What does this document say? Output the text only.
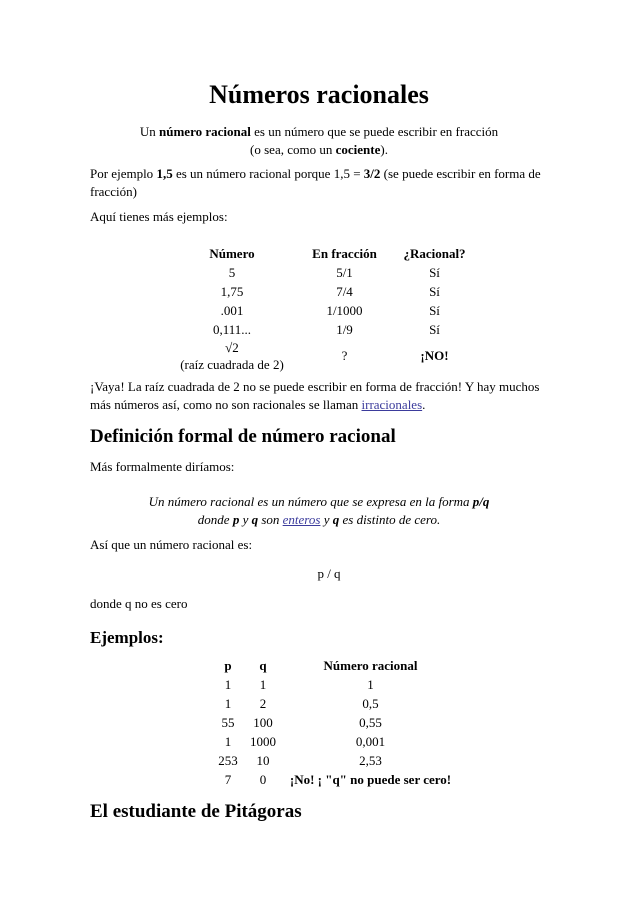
Números racionales
Un número racional es un número que se puede escribir en fracción
(o sea, como un cociente).
Por ejemplo 1,5 es un número racional porque 1,5 = 3/2 (se puede escribir en forma de fracción)
Aquí tienes más ejemplos:
Número	En fracción	¿Racional?
5	5/1	Sí
1,75	7/4	Sí
.001	1/1000	Sí
0,111...	1/9	Sí
√2
(raíz cuadrada de 2)	?	¡NO!
¡Vaya! La raíz cuadrada de 2 no se puede escribir en forma de fracción! Y hay muchos más números así, como no son racionales se llaman irracionales.
Definición formal de número racional
Más formalmente diríamos:
Un número racional es un número que se expresa en la forma p/q
donde p y q son enteros y q es distinto de cero.
Así que un número racional es:
p / q
donde q no es cero
Ejemplos:
p	q	Número racional
1	1	1
1	2	0,5
55	100	0,55
1	1000	0,001
253	10	2,53
7	0	¡No! ¡ "q" no puede ser cero!
El estudiante de Pitágoras
